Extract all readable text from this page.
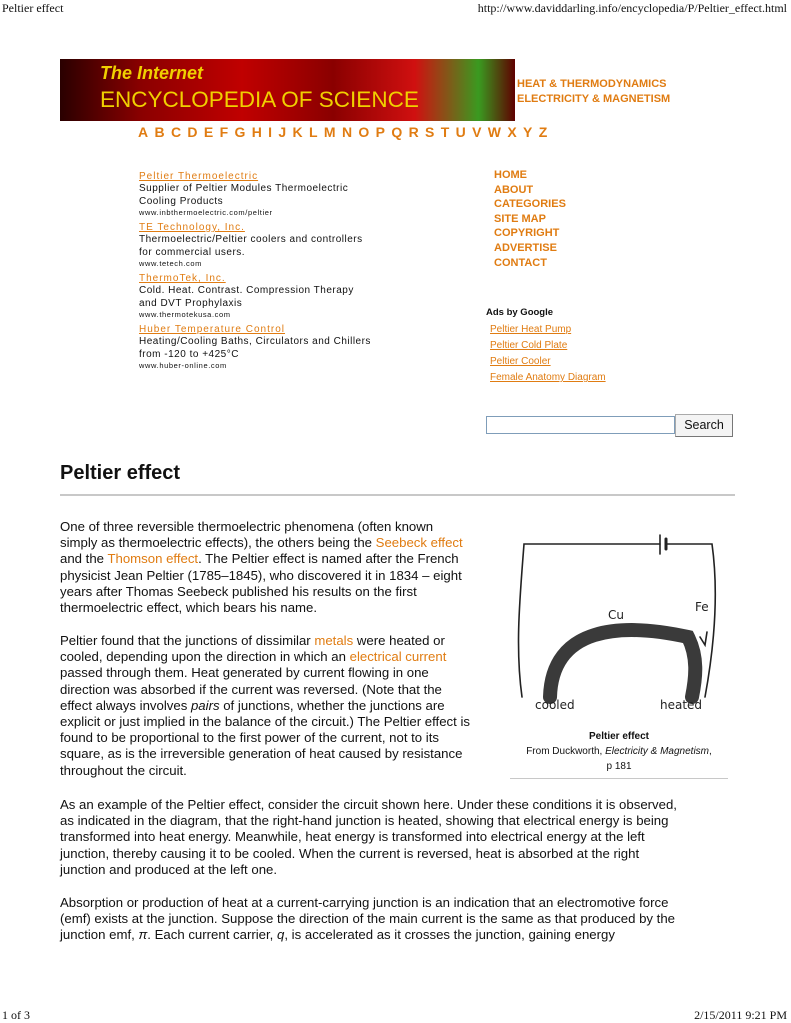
Peltier effect	http://www.daviddarling.info/encyclopedia/P/Peltier_effect.html
The Internet
ENCYCLOPEDIA OF SCIENCE
HEAT & THERMODYNAMICS
ELECTRICITY & MAGNETISM
A B C D E F G H I J K L M N O P Q R S T U V W X Y Z
Peltier Thermoelectric
Supplier of Peltier Modules Thermoelectric
Cooling Products
www.inbthermoelectric.com/peltier
TE Technology, Inc.
Thermoelectric/Peltier coolers and controllers
for commercial users.
www.tetech.com
ThermoTek, Inc.
Cold. Heat. Contrast. Compression Therapy
and DVT Prophylaxis
www.thermotekusa.com
Huber Temperature Control
Heating/Cooling Baths, Circulators and Chillers
from -120 to +425°C
www.huber-online.com
HOME
ABOUT
CATEGORIES
SITE MAP
COPYRIGHT
ADVERTISE
CONTACT
Ads by Google
Peltier Heat Pump
Peltier Cold Plate
Peltier Cooler
Female Anatomy Diagram
Search
Peltier effect
One of three reversible thermoelectric phenomena (often known
simply as thermoelectric effects), the others being the Seebeck effect
and the Thomson effect. The Peltier effect is named after the French
physicist Jean Peltier (1785–1845), who discovered it in 1834 – eight
years after Thomas Seebeck published his results on the first
thermoelectric effect, which bears his name.
Peltier found that the junctions of dissimilar metals were heated or
cooled, depending upon the direction in which an electrical current
passed through them. Heat generated by current flowing in one
direction was absorbed if the current was reversed. (Note that the
effect always involves pairs of junctions, whether the junctions are
explicit or just implied in the balance of the circuit.) The Peltier effect is
found to be proportional to the first power of the current, not to its
square, as is the irreversible generation of heat caused by resistance
throughout the circuit.
Cu
Fe
cooled	heated
Peltier effect
From Duckworth, Electricity & Magnetism,
p 181
As an example of the Peltier effect, consider the circuit shown here. Under these conditions it is observed,
as indicated in the diagram, that the right-hand junction is heated, showing that electrical energy is being
transformed into heat energy. Meanwhile, heat energy is transformed into electrical energy at the left
junction, thereby causing it to be cooled. When the current is reversed, heat is absorbed at the right
junction and produced at the left one.
Absorption or production of heat at a current-carrying junction is an indication that an electromotive force
(emf) exists at the junction. Suppose the direction of the main current is the same as that produced by the
junction emf, π. Each current carrier, q, is accelerated as it crosses the junction, gaining energy
1 of 3	2/15/2011 9:21 PM
